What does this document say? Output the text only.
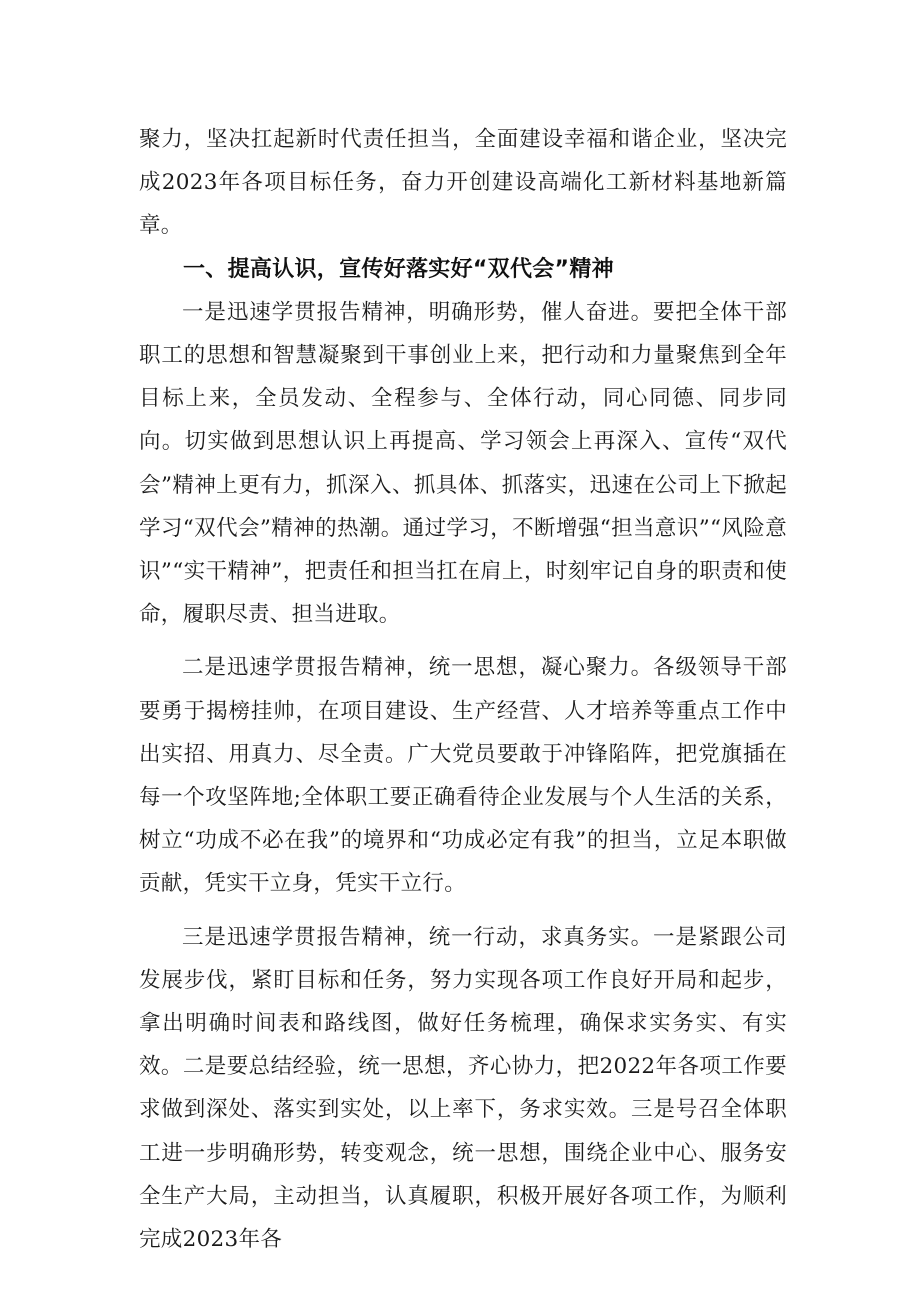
聚力，坚决扛起新时代责任担当，全面建设幸福和谐企业，坚决完成2023年各项目标任务，奋力开创建设高端化工新材料基地新篇章。

一、提高认识，宣传好落实好“双代会”精神

一是迅速学贯报告精神，明确形势，催人奋进。要把全体干部职工的思想和智慧凝聚到干事创业上来，把行动和力量聚焦到全年目标上来，全员发动、全程参与、全体行动，同心同德、同步同向。切实做到思想认识上再提高、学习领会上再深入、宣传“双代会”精神上更有力，抓深入、抓具体、抓落实，迅速在公司上下掀起学习“双代会”精神的热潮。通过学习，不断增强“担当意识”“风险意识”“实干精神”，把责任和担当扛在肩上，时刻牢记自身的职责和使命，履职尽责、担当进取。

二是迅速学贯报告精神，统一思想，凝心聚力。各级领导干部要勇于揭榜挂帅，在项目建设、生产经营、人才培养等重点工作中出实招、用真力、尽全责。广大党员要敢于冲锋陷阵，把党旗插在每一个攻坚阵地;全体职工要正确看待企业发展与个人生活的关系，树立“功成不必在我”的境界和“功成必定有我”的担当，立足本职做贡献，凭实干立身，凭实干立行。

三是迅速学贯报告精神，统一行动，求真务实。一是紧跟公司发展步伐，紧盯目标和任务，努力实现各项工作良好开局和起步，拿出明确时间表和路线图，做好任务梳理，确保求实务实、有实效。二是要总结经验，统一思想，齐心协力，把2022年各项工作要求做到深处、落实到实处，以上率下，务求实效。三是号召全体职工进一步明确形势，转变观念，统一思想，围绕企业中心、服务安全生产大局，主动担当，认真履职，积极开展好各项工作，为顺利完成2023年各
